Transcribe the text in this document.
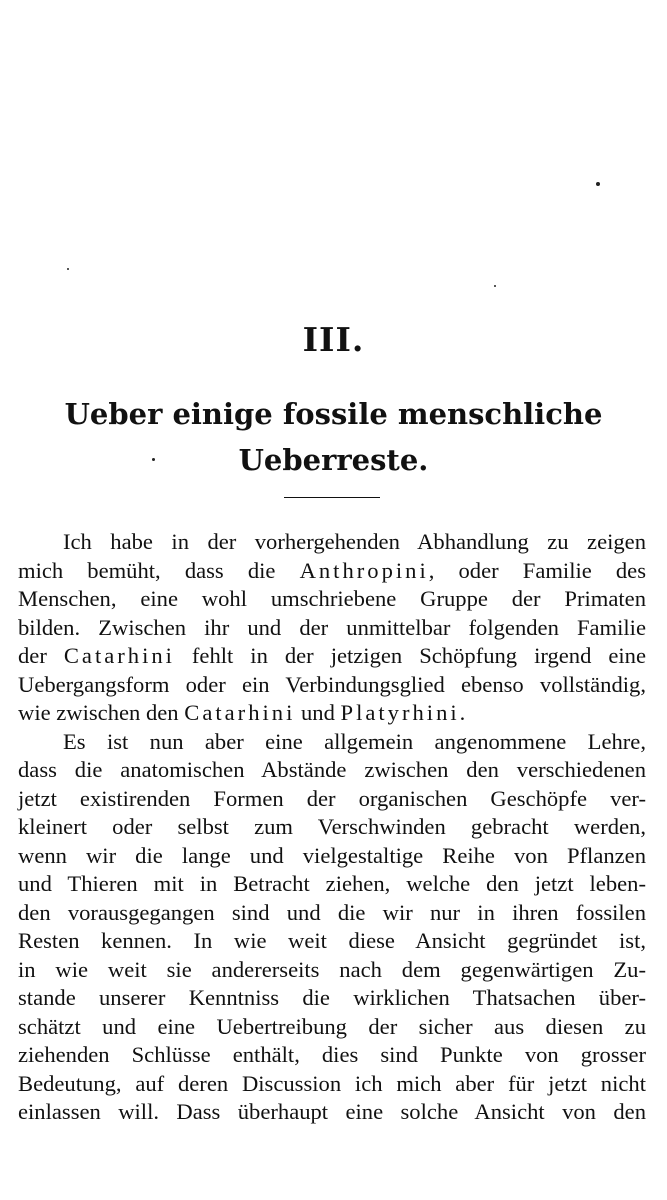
III.
Ueber einige fossile menschliche
Ueberreste.
Ich habe in der vorhergehenden Abhandlung zu zeigen
mich bemüht, dass die Anthropini, oder Familie des
Menschen, eine wohl umschriebene Gruppe der Primaten
bilden. Zwischen ihr und der unmittelbar folgenden Familie
der Catarhini fehlt in der jetzigen Schöpfung irgend eine
Uebergangsform oder ein Verbindungsglied ebenso vollständig,
wie zwischen den Catarhini und Platyrhini.
Es ist nun aber eine allgemein angenommene Lehre,
dass die anatomischen Abstände zwischen den verschiedenen
jetzt existirenden Formen der organischen Geschöpfe ver-
kleinert oder selbst zum Verschwinden gebracht werden,
wenn wir die lange und vielgestaltige Reihe von Pflanzen
und Thieren mit in Betracht ziehen, welche den jetzt leben-
den vorausgegangen sind und die wir nur in ihren fossilen
Resten kennen. In wie weit diese Ansicht gegründet ist,
in wie weit sie andererseits nach dem gegenwärtigen Zu-
stande unserer Kenntniss die wirklichen Thatsachen über-
schätzt und eine Uebertreibung der sicher aus diesen zu
ziehenden Schlüsse enthält, dies sind Punkte von grosser
Bedeutung, auf deren Discussion ich mich aber für jetzt nicht
einlassen will. Dass überhaupt eine solche Ansicht von den
